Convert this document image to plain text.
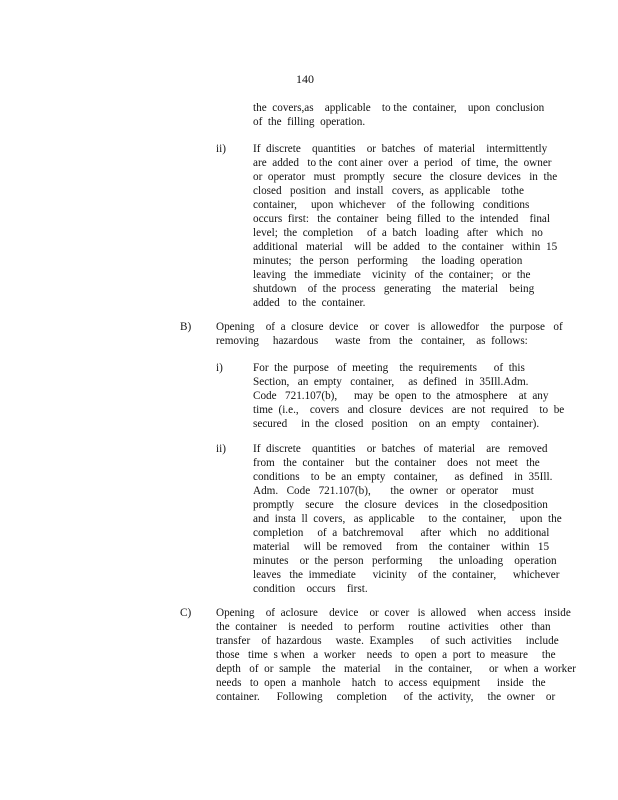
140
the  covers,as    applicable    to the  container,    upon  conclusion
of  the  filling  operation.
ii) If  discrete    quantities    or  batches   of  material    intermittently
are  added   to the  cont ainer  over  a  period   of  time,  the  owner
or  operator   must   promptly   secure   the  closure  devices   in  the
closed   position   and  install   covers,  as  applicable    tothe
container,     upon  whichever    of  the  following   conditions
occurs  first:   the  container   being  filled  to  the  intended    final
level;  the  completion     of  a  batch   loading   after   which   no
additional   material    will  be  added   to  the  container   within  15
minutes;   the  person   performing     the  loading  operation
leaving   the  immediate    vicinity   of  the  container;   or  the
shutdown    of  the  process   generating    the  material    being
added   to  the  container.
B) Opening    of  a  closure  device    or  cover   is  allowedfor    the  purpose   of
removing     hazardous      waste   from   the   container,    as  follows:
i)	For  the  purpose   of  meeting    the  requirements      of  this
Section,   an  empty   container,     as  defined   in  35Ill.Adm.
Code   721.107(b),      may  be  open  to  the  atmosphere    at  any
time  (i.e.,    covers   and  closure   devices   are  not  required    to  be
secured     in  the  closed   position    on  an  empty    container).
ii) If  discrete    quantities    or  batches   of  material    are   removed
from   the  container    but  the  container    does   not  meet   the
conditions    to  be  an  empty   container,      as  defined    in  35Ill.
Adm.   Code   721.107(b),       the  owner   or  operator     must
promptly    secure    the  closure   devices    in  the  closedposition
and  insta  ll  covers,   as  applicable     to  the  container,     upon  the
completion     of  a  batchremoval      after   which    no  additional
material     will  be  removed     from    the  container    within   15
minutes    or  the  person   performing      the  unloading    operation
leaves   the  immediate      vicinity    of  the  container,      whichever
condition    occurs    first.
C) Opening    of  aclosure    device    or  cover   is  allowed    when  access   inside
the  container    is  needed    to  perform     routine   activities    other   than
transfer    of  hazardous     waste.  Examples      of  such  activities     include
those   time  s when   a  worker    needs   to  open  a  port  to  measure     the
depth   of  or  sample    the   material     in  the  container,      or  when  a  worker
needs   to  open  a  manhole    hatch   to  access  equipment      inside   the
container.      Following     completion      of  the  activity,     the  owner    or
